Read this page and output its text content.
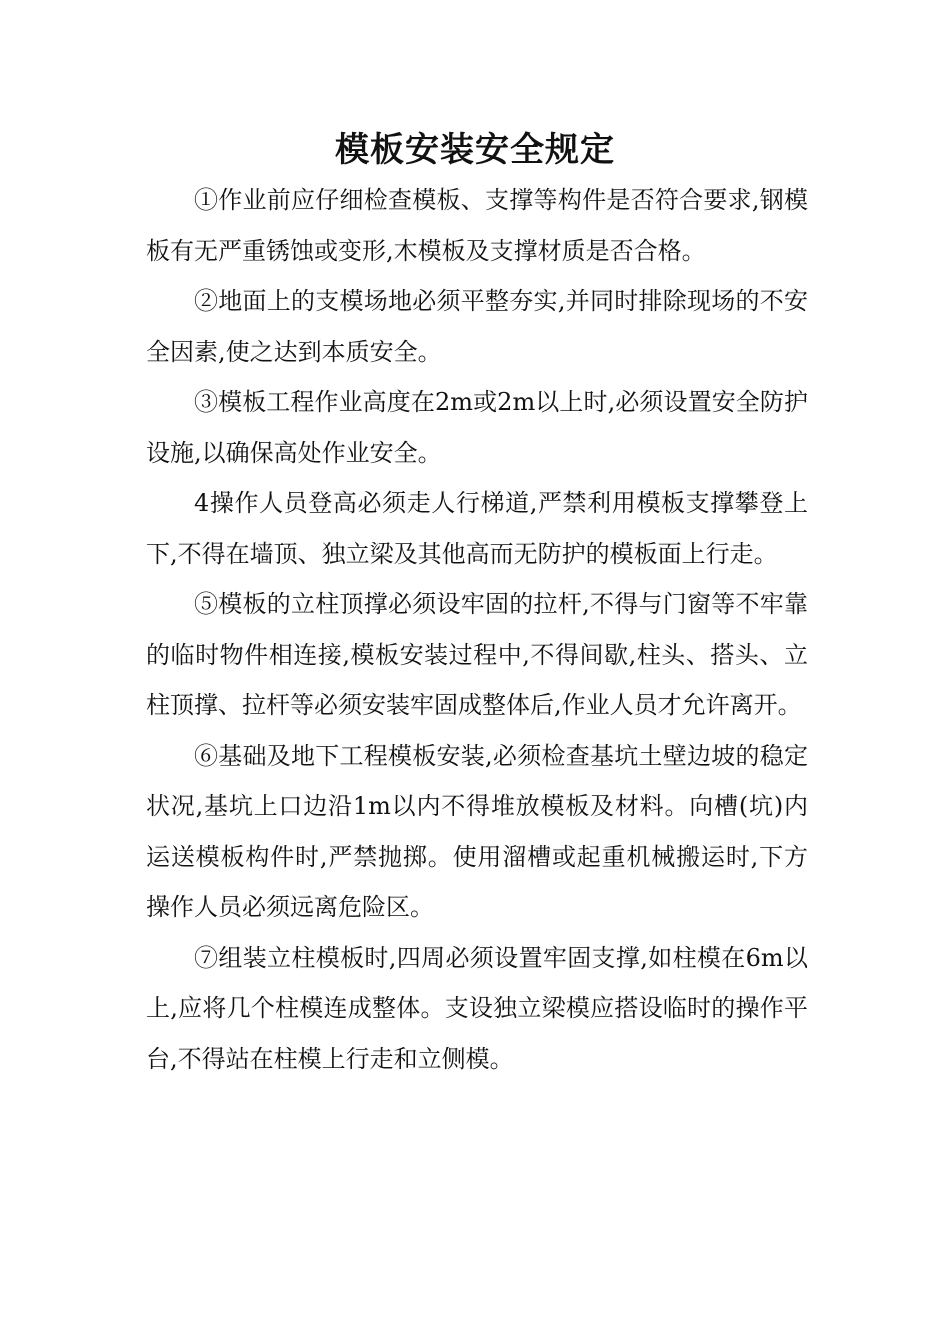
模板安装安全规定

①作业前应仔细检查模板、支撑等构件是否符合要求,钢模板有无严重锈蚀或变形,木模板及支撑材质是否合格。

②地面上的支模场地必须平整夯实,并同时排除现场的不安全因素,使之达到本质安全。

③模板工程作业高度在2m或2m以上时,必须设置安全防护设施,以确保高处作业安全。

4操作人员登高必须走人行梯道,严禁利用模板支撑攀登上下,不得在墙顶、独立梁及其他高而无防护的模板面上行走。

⑤模板的立柱顶撑必须设牢固的拉杆,不得与门窗等不牢靠的临时物件相连接,模板安装过程中,不得间歇,柱头、搭头、立柱顶撑、拉杆等必须安装牢固成整体后,作业人员才允许离开。

⑥基础及地下工程模板安装,必须检查基坑土壁边坡的稳定状况,基坑上口边沿1m以内不得堆放模板及材料。向槽(坑)内运送模板构件时,严禁抛掷。使用溜槽或起重机械搬运时,下方操作人员必须远离危险区。

⑦组装立柱模板时,四周必须设置牢固支撑,如柱模在6m以上,应将几个柱模连成整体。支设独立梁模应搭设临时的操作平台,不得站在柱模上行走和立侧模。
